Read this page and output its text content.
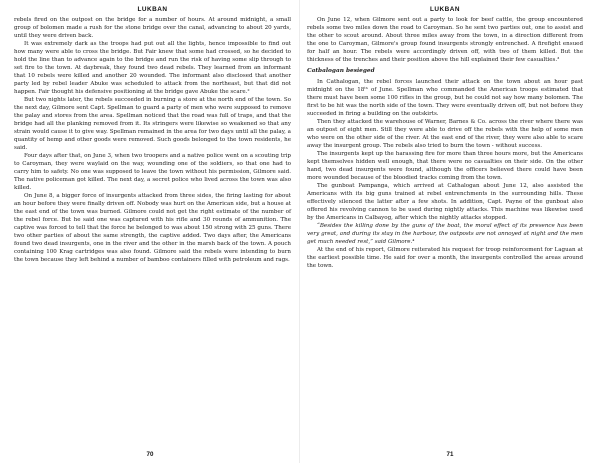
LUKBAN

rebels fired on the outpost on the bridge for a number of hours. At around midnight, a small group of bolomen made a rush for the stone bridge over the canal, advancing to about 20 yards, until they were driven back.

It was extremely dark as the troops had put out all the lights, hence impossible to find out how many were able to cross the bridge. But Fair knew that some had crossed, so he decided to hold the line than to advance again to the bridge and run the risk of having some slip through to set fire to the town. At daybreak, they found two dead rebels. They learned from an informant that 10 rebels were killed and another 20 wounded. The informant also disclosed that another party led by rebel leader Abuke was scheduled to attack from the northeast, but that did not happen. Fair thought his defensive positioning at the bridge gave Abuke the scare.²

But two nights later, the rebels succeeded in burning a store at the north end of the town. So the next day, Gilmore sent Capt. Spellman to guard a party of men who were supposed to remove the palay and stores from the area. Spellman noticed that the road was full of traps, and that the bridge had all the planking removed from it. Its stringers were likewise so weakened so that any strain would cause it to give way. Spellman remained in the area for two days until all the palay, a quantity of hemp and other goods were removed. Such goods belonged to the town residents, he said.

Four days after that, on June 3, when two troopers and a native police went on a scouting trip to Caroyman, they were waylaid on the way, wounding one of the soldiers, so that one had to carry him to safety. No one was supposed to leave the town without his permission, Gilmore said. The native policeman got killed. The next day, a secret police who lived across the town was also killed.

On June 8, a bigger force of insurgents attacked from three sides, the firing lasting for about an hour before they were finally driven off. Nobody was hurt on the American side, but a house at the east end of the town was burned. Gilmore could not get the right estimate of the number of the rebel force. But he said one was captured with his rifle and 30 rounds of ammunition. The captive was forced to tell that the force he belonged to was about 150 strong with 25 guns. There two other parties of about the same strength, the captive added. Two days after, the Americans found two dead insurgents, one in the river and the other in the marsh back of the town. A pouch containing 100 Krag cartridges was also found. Gilmore said the rebels were intending to burn the town because they left behind a number of bamboo containers filled with petroleum and rags.

70
LUKBAN

On June 12, when Gilmore sent out a party to look for beef cattle, the group encountered rebels some two miles down the road to Caroyman. So he sent two parties out, one to assist and the other to scout around. About three miles away from the town, in a direction different from the one to Caroyman, Gilmore's group found insurgents strongly entrenched. A firefight ensued for half an hour. The rebels were accordingly driven off, with two of them killed. But the thickness of the trenches and their position above the hill explained their few casualties.³

Catbalogan besieged

In Cathalogan, the rebel forces launched their attack on the town about an hour past midnight on the 18ᵗʰ of June. Spellman who commanded the American troops estimated that there must have been some 100 rifles in the group, but he could not say how many bolomen. The first to be hit was the north side of the town. They were eventually driven off, but not before they succeeded in firing a building on the outskirts.

Then they attacked the warehouse of Warner, Barnes & Co. across the river where there was an outpost of eight men. Still they were able to drive off the rebels with the help of some men who were on the other side of the river. At the east end of the river, they were also able to scare away the insurgent group. The rebels also tried to burn the town - without success.

The insurgents kept up the harassing fire for more than three hours more, but the Americans kept themselves hidden well enough, that there were no casualties on their side. On the other hand, two dead insurgents were found, although the officers believed there could have been more wounded because of the bloodied tracks coming from the town.

The gunboat Pampanga, which arrived at Cathalogan about June 12, also assisted the Americans with its big guns trained at rebel entrenchments in the surrounding hills. These effectively silenced the latter after a few shots. In addition, Capt. Payne of the gunboat also offered his revolving cannon to be used during nightly attacks. This machine was likewise used by the Americans in Calbayog, after which the nightly attacks stopped.

“Besides the killing done by the guns of the boat, the moral effect of its presence has been very great, and during its stay in the harbour, the outposts are not annoyed at night and the men get much needed rest,” said Gilmore.⁴

At the end of his report, Gilmore reiterated his request for troop reinforcement for Laguan at the earliest possible time. He said for over a month, the insurgents controlled the areas around the town.

71
